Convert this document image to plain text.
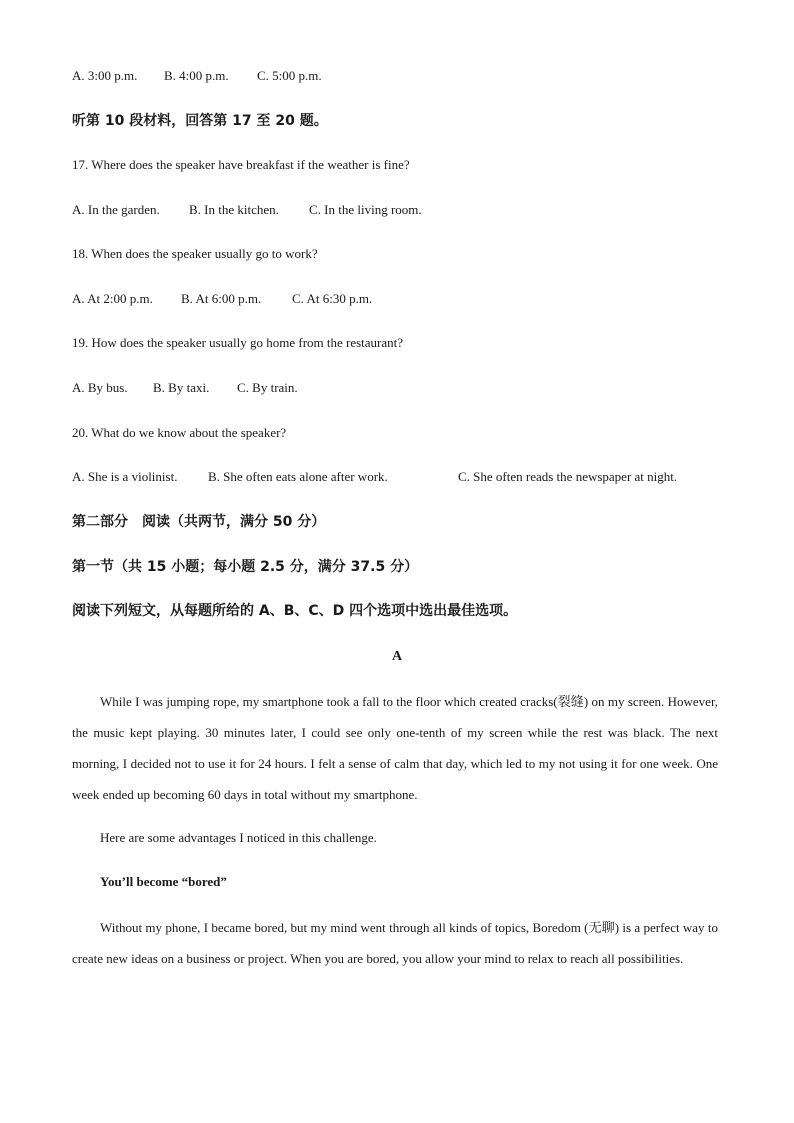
A. 3:00 p.m. B. 4:00 p.m. C. 5:00 p.m.
听第 10 段材料，回答第 17 至 20 题。
17. Where does the speaker have breakfast if the weather is fine?
A. In the garden. B. In the kitchen. C. In the living room.
18. When does the speaker usually go to work?
A. At 2:00 p.m. B. At 6:00 p.m. C. At 6:30 p.m.
19. How does the speaker usually go home from the restaurant?
A. By bus. B. By taxi. C. By train.
20. What do we know about the speaker?
A. She is a violinist. B. She often eats alone after work.	C. She often reads the newspaper at night.
第二部分　阅读（共两节，满分 50 分）
第一节（共 15 小题；每小题 2.5 分，满分 37.5 分）
阅读下列短文，从每题所给的 A、B、C、D 四个选项中选出最佳选项。
A
While I was jumping rope, my smartphone took a fall to the floor which created cracks(裂缝) on my screen. However, the music kept playing. 30 minutes later, I could see only one-tenth of my screen while the rest was black. The next morning, I decided not to use it for 24 hours. I felt a sense of calm that day, which led to my not using it for one week. One week ended up becoming 60 days in total without my smartphone.
Here are some advantages I noticed in this challenge.
You’ll become “bored”
Without my phone, I became bored, but my mind went through all kinds of topics, Boredom (无聊) is a perfect way to create new ideas on a business or project. When you are bored, you allow your mind to relax to reach all possibilities.
